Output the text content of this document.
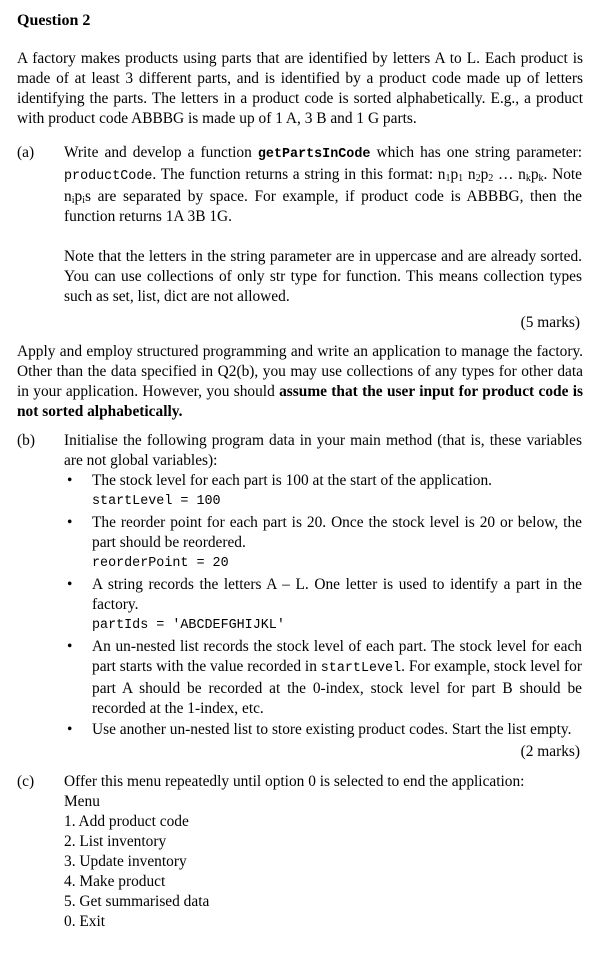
Question 2
A factory makes products using parts that are identified by letters A to L. Each product is made of at least 3 different parts, and is identified by a product code made up of letters identifying the parts. The letters in a product code is sorted alphabetically. E.g., a product with product code ABBBG is made up of 1 A, 3 B and 1 G parts.
(a) Write and develop a function getPartsInCode which has one string parameter: productCode. The function returns a string in this format: $n_1p_1$ $n_2p_2$ … $n_kp_k$. Note $n_ip_is$ are separated by space. For example, if product code is ABBBG, then the function returns 1A 3B 1G.
Note that the letters in the string parameter are in uppercase and are already sorted. You can use collections of only str type for function. This means collection types such as set, list, dict are not allowed.
(5 marks)
Apply and employ structured programming and write an application to manage the factory. Other than the data specified in Q2(b), you may use collections of any types for other data in your application. However, you should assume that the user input for product code is not sorted alphabetically.
(b) Initialise the following program data in your main method (that is, these variables are not global variables):
• The stock level for each part is 100 at the start of the application.
startLevel = 100
• The reorder point for each part is 20. Once the stock level is 20 or below, the part should be reordered.
reorderPoint = 20
• A string records the letters A – L. One letter is used to identify a part in the factory.
partIds = 'ABCDEFGHIJKL'
• An un-nested list records the stock level of each part. The stock level for each part starts with the value recorded in startLevel. For example, stock level for part A should be recorded at the 0-index, stock level for part B should be recorded at the 1-index, etc.
• Use another un-nested list to store existing product codes. Start the list empty.
(2 marks)
(c) Offer this menu repeatedly until option 0 is selected to end the application:
Menu
1. Add product code
2. List inventory
3. Update inventory
4. Make product
5. Get summarised data
0. Exit
